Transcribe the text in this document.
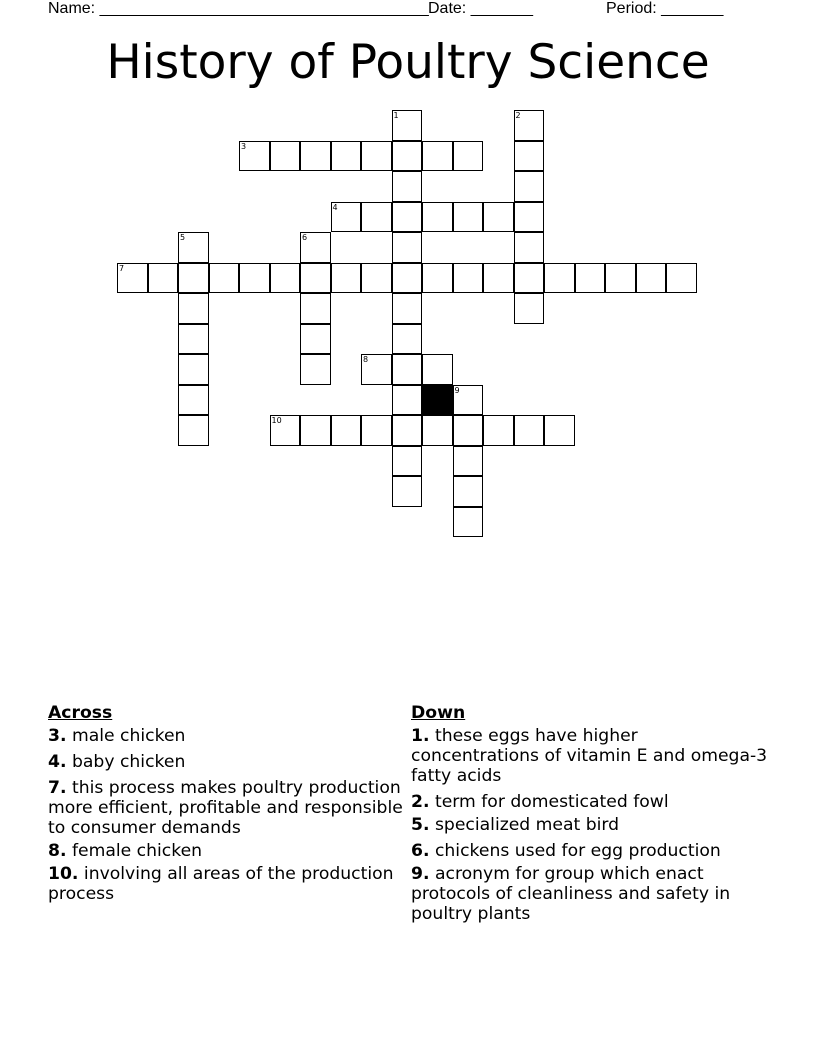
Name: _____________________________________ Date: _______	Period: _______
History of Poultry Science
1	2
5	6
9
3
4
7
8
10
Across
3. male chicken
4. baby chicken
7. this process makes poultry production more efficient, profitable and responsible to consumer demands
8. female chicken
10. involving all areas of the production process
Down
1. these eggs have higher concentrations of vitamin E and omega-3 fatty acids
2. term for domesticated fowl
5. specialized meat bird
6. chickens used for egg production
9. acronym for group which enact protocols of cleanliness and safety in poultry plants
